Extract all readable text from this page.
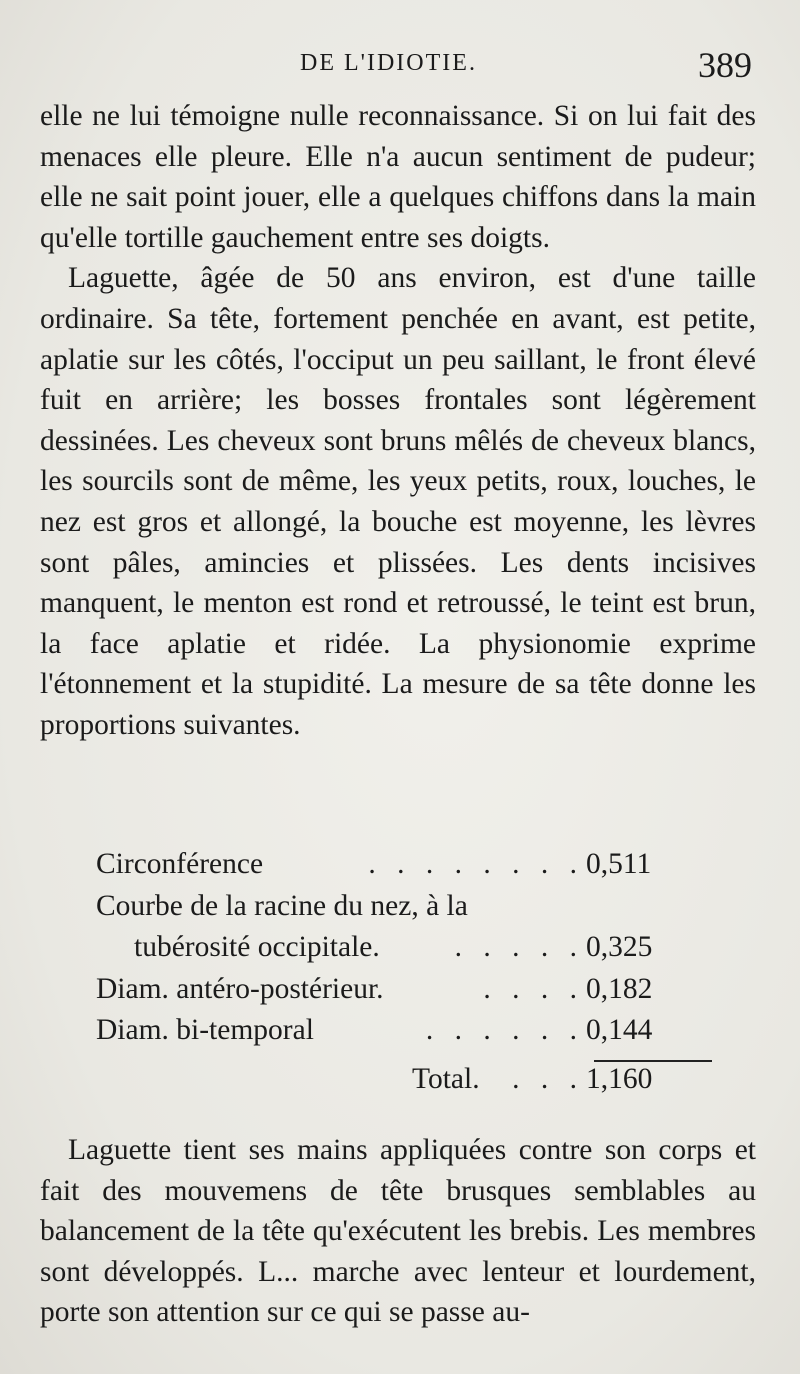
DE L'IDIOTIE.	389

elle ne lui témoigne nulle reconnaissance. Si on lui fait des menaces elle pleure. Elle n'a aucun sentiment de pudeur; elle ne sait point jouer, elle a quelques chiffons dans la main qu'elle tortille gauchement entre ses doigts.

Laguette, âgée de 50 ans environ, est d'une taille ordinaire. Sa tête, fortement penchée en avant, est petite, aplatie sur les côtés, l'occiput un peu saillant, le front élevé fuit en arrière; les bosses frontales sont légèrement dessinées. Les cheveux sont bruns mêlés de cheveux blancs, les sourcils sont de même, les yeux petits, roux, louches, le nez est gros et allongé, la bouche est moyenne, les lèvres sont pâles, amincies et plissées. Les dents incisives manquent, le menton est rond et retroussé, le teint est brun, la face aplatie et ridée. La physionomie exprime l'étonnement et la stupidité. La mesure de sa tête donne les proportions suivantes.

Circonférence	. . . . . . . . 0,511
Courbe de la racine du nez, à la
tubérosité occipitale.	. . . . . 0,325
Diam. antéro-postérieur.	. . . . 0,182
Diam. bi-temporal	. . . . . . 0,144
Total.	. . . 1,160

Laguette tient ses mains appliquées contre son corps et fait des mouvemens de tête brusques semblables au balancement de la tête qu'exécutent les brebis. Les membres sont développés. L... marche avec lenteur et lourdement, porte son attention sur ce qui se passe au-
